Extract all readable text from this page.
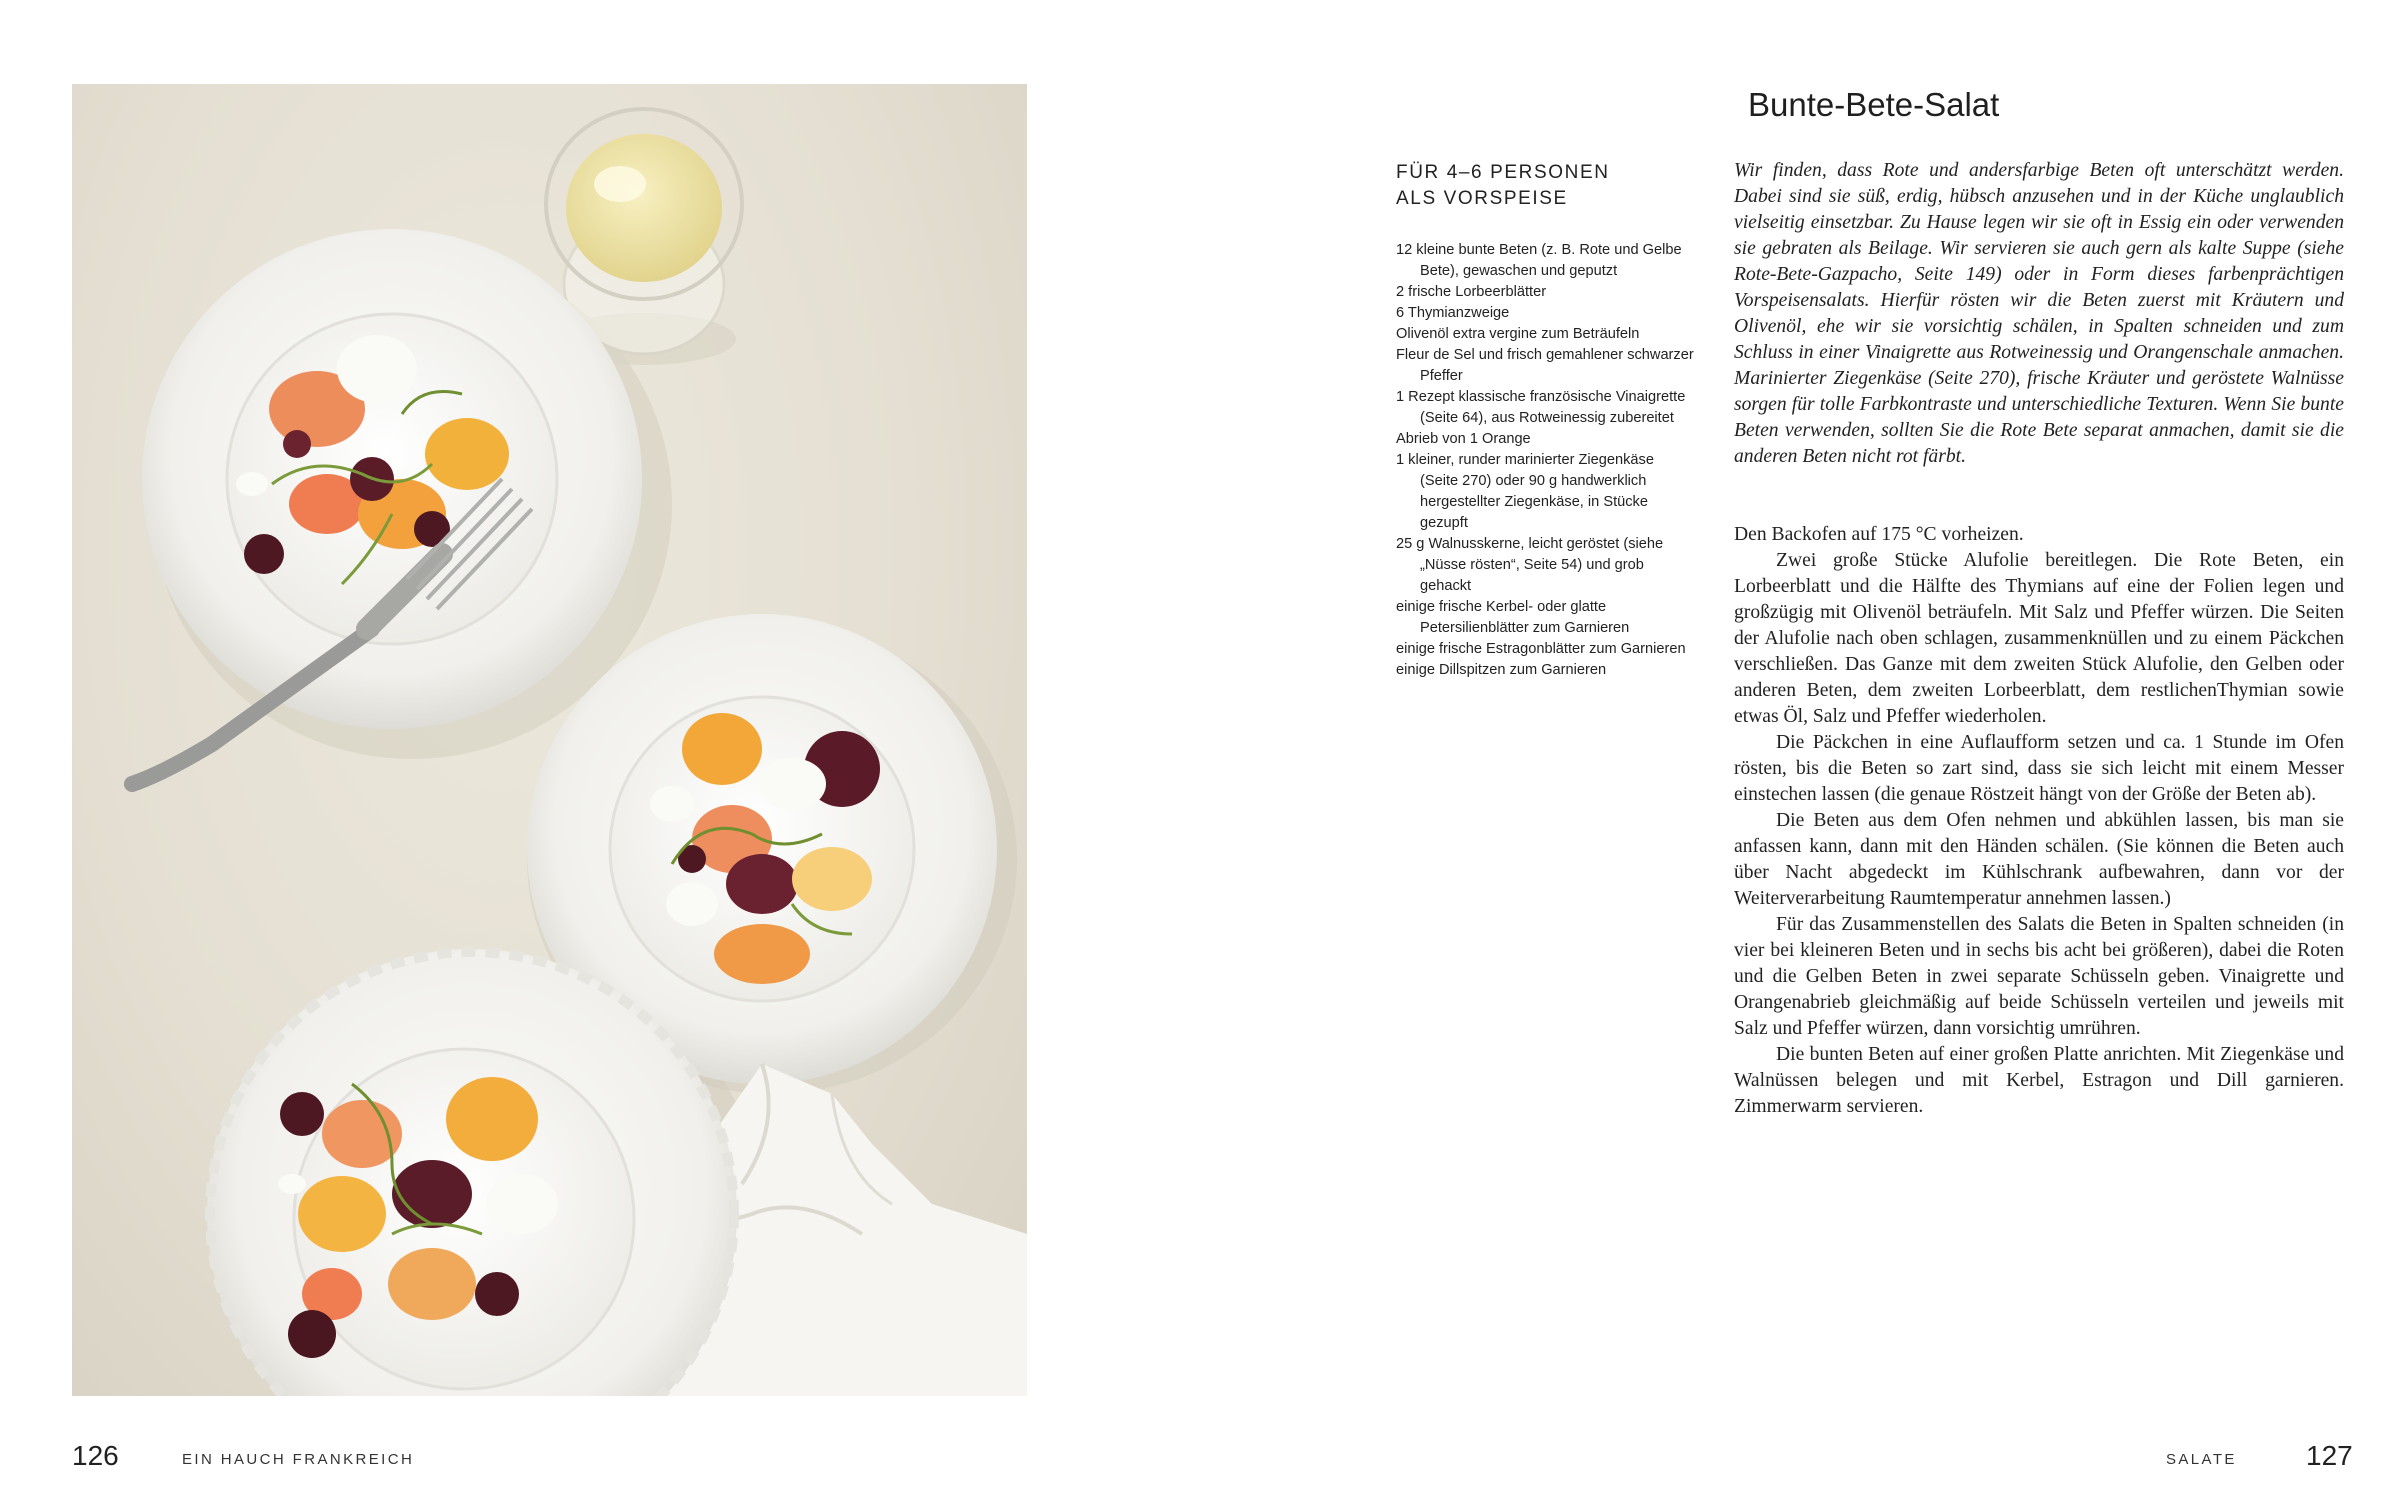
Bunte-Bete-Salat
FÜR 4–6 PERSONEN
ALS VORSPEISE
12 kleine bunte Beten (z. B. Rote und Gelbe Bete), gewaschen und geputzt
2 frische Lorbeerblätter
6 Thymianzweige
Olivenöl extra vergine zum Beträufeln
Fleur de Sel und frisch gemahlener schwarzer Pfeffer
1 Rezept klassische französische Vinaigrette (Seite 64), aus Rotweinessig zubereitet
Abrieb von 1 Orange
1 kleiner, runder marinierter Ziegenkäse (Seite 270) oder 90 g handwerklich hergestellter Ziegenkäse, in Stücke gezupft
25 g Walnusskerne, leicht geröstet (siehe „Nüsse rösten“, Seite 54) und grob gehackt
einige frische Kerbel- oder glatte Petersilienblätter zum Garnieren
einige frische Estragonblätter zum Garnieren
einige Dillspitzen zum Garnieren

Wir finden, dass Rote und andersfarbige Beten oft unterschätzt werden. Dabei sind sie süß, erdig, hübsch anzusehen und in der Küche unglaublich vielseitig einsetzbar. Zu Hause legen wir sie oft in Essig ein oder verwenden sie gebraten als Beilage. Wir servieren sie auch gern als kalte Suppe (siehe Rote-Bete-Gazpacho, Seite 149) oder in Form dieses farbenprächtigen Vorspeisensalats. Hierfür rösten wir die Beten zuerst mit Kräutern und Olivenöl, ehe wir sie vorsichtig schälen, in Spalten schneiden und zum Schluss in einer Vinaigrette aus Rotweinessig und Orangenschale anmachen. Marinierter Ziegenkäse (Seite 270), frische Kräuter und geröstete Walnüsse sorgen für tolle Farbkontraste und unterschiedliche Texturen. Wenn Sie bunte Beten verwenden, sollten Sie die Rote Bete separat anmachen, damit sie die anderen Beten nicht rot färbt.

Den Backofen auf 175 °C vorheizen.

Zwei große Stücke Alufolie bereitlegen. Die Rote Beten, ein Lorbeerblatt und die Hälfte des Thymians auf eine der Folien legen und großzügig mit Olivenöl beträufeln. Mit Salz und Pfeffer würzen. Die Seiten der Alufolie nach oben schlagen, zusammenknüllen und zu einem Päckchen verschließen. Das Ganze mit dem zweiten Stück Alufolie, den Gelben oder anderen Beten, dem zweiten Lorbeerblatt, dem restlichenThymian sowie etwas Öl, Salz und Pfeffer wiederholen.

Die Päckchen in eine Auflaufform setzen und ca. 1 Stunde im Ofen rösten, bis die Beten so zart sind, dass sie sich leicht mit einem Messer einstechen lassen (die genaue Röstzeit hängt von der Größe der Beten ab).

Die Beten aus dem Ofen nehmen und abkühlen lassen, bis man sie anfassen kann, dann mit den Händen schälen. (Sie können die Beten auch über Nacht abgedeckt im Kühlschrank aufbewahren, dann vor der Weiterverarbeitung Raumtemperatur annehmen lassen.)

Für das Zusammenstellen des Salats die Beten in Spalten schneiden (in vier bei kleineren Beten und in sechs bis acht bei größeren), dabei die Roten und die Gelben Beten in zwei separate Schüsseln geben. Vinaigrette und Orangenabrieb gleichmäßig auf beide Schüsseln verteilen und jeweils mit Salz und Pfeffer würzen, dann vorsichtig umrühren.

Die bunten Beten auf einer großen Platte anrichten. Mit Ziegenkäse und Walnüssen belegen und mit Kerbel, Estragon und Dill garnieren. Zimmerwarm servieren.

126	EIN HAUCH FRANKREICH	SALATE 127
